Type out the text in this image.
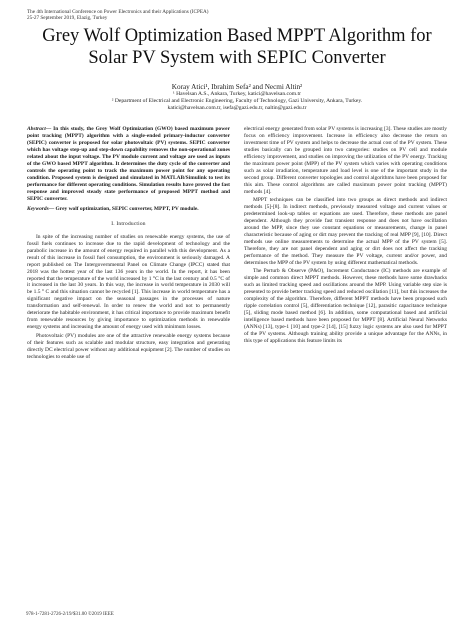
The 4th International Conference on Power Electronics and their Applications (ICPEA)
25-27 September 2019, Elazig, Turkey
Grey Wolf Optimization Based MPPT Algorithm for Solar PV System with SEPIC Converter
Koray Atici¹, Ibrahim Sefa² and Necmi Altin²
¹ Havelsan A.S., Ankara, Turkey, katici@havelsan.com.tr
² Department of Electrical and Electronic Engineering, Faculty of Technology, Gazi University, Ankara, Turkey.
katici@havelsan.com.tr, isefa@gazi.edu.tr, naltin@gazi.edu.tr
Abstract— In this study, the Grey Wolf Optimization (GWO) based maximum power point tracking (MPPT) algorithm with a single-ended primary-inductor converter (SEPIC) converter is proposed for solar photovoltaic (PV) systems. SEPIC converter which has voltage step-up and step-down capability removes the non-operational zones related about the input voltage. The PV module current and voltage are used as inputs of the GWO based MPPT algorithm. It determines the duty cycle of the converter and controls the operating point to track the maximum power point for any operating condition. Proposed system is designed and simulated in MATLAB/Simulink to test its performance for different operating conditions. Simulation results have proved the fast response and improved steady state performance of proposed MPPT method and SEPIC converter.
Keywords— Grey wolf optimization, SEPIC converter, MPPT, PV module.
I. Introduction

In spite of the increasing number of studies on renewable energy systems, the use of fossil fuels continues to increase due to the rapid development of technology and the parabolic increase in the amount of energy required in parallel with this development. As a result of this increase in fossil fuel consumption, the environment is seriously damaged. A report published on The Intergovernmental Panel on Climate Change (IPCC) stated that 2018 was the hottest year of the last 136 years in the world. In the report, it has been reported that the temperature of the world increased by 1 °C in the last century and 0.5 °C of it increased in the last 30 years. In this way, the increase in world temperature in 2030 will be 1.5 ° C and this situation cannot be recycled [1]. This increase in world temperature has a significant negative impact on the seasonal passages in the processes of nature transformation and self-renewal. In order to renew the world and not to permanently deteriorate the habitable environment, it has critical importance to provide maximum benefit from renewable resources by giving importance to optimization methods in renewable energy systems and increasing the amount of energy used with minimum losses.

Photovoltaic (PV) modules are one of the attractive renewable energy systems because of their features such as scalable and modular structure, easy integration and generating directly DC electrical power without any additional equipment [2]. The number of studies on technologies to enable use of

electrical energy generated from solar PV systems is increasing [3]. These studies are mostly focus on efficiency improvement. Increase in efficiency also decrease the return on investment time of PV system and helps to decrease the actual cost of the PV system. These studies basically can be grouped into two categories: studies on PV cell and module efficiency improvement, and studies on improving the utilization of the PV energy. Tracking the maximum power point (MPP) of the PV system which varies with operating conditions such as solar irradiation, temperature and load level is one of the important study in the second group. Different converter topologies and control algorithms have been proposed for this aim. These control algorithms are called maximum power point tracking (MPPT) methods [4].

MPPT techniques can be classified into two groups as direct methods and indirect methods [5]-[8]. In indirect methods, previously measured voltage and current values or predetermined look-up tables or equations are used. Therefore, these methods are panel dependent. Although they provide fast transient response and does not have oscillation around the MPP, since they use constant equations or measurements, change in panel characteristic because of aging or dirt may prevent the tracking of real MPP [9], [10]. Direct methods use online measurements to determine the actual MPP of the PV system [5]. Therefore, they are not panel dependent and aging or dirt does not affect the tracking performance of the method. They measure the PV voltage, current and/or power, and determines the MPP of the PV system by using different mathematical methods.

The Perturb & Observe (P&O), Increment Conductance (IC) methods are example of simple and common direct MPPT methods. However, these methods have some drawbacks such as limited tracking speed and oscillations around the MPP. Using variable step size is presented to provide better tracking speed and reduced oscillation [11], but this increases the complexity of the algorithm. Therefore, different MPPT methods have been proposed such ripple correlation control [5], differentiation technique [12], parasitic capacitance technique [5], sliding mode based method [6]. In addition, some computational based and artificial intelligence based methods have been proposed for MPPT [8]. Artificial Neural Networks (ANNs) [13], type-1 [10] and type-2 [14], [15] fuzzy logic systems are also used for MPPT of the PV systems. Although training ability provide a unique advantage for the ANNs, in this type of applications this feature limits its

978-1-7281-2726-2/19/$31.00 ©2019 IEEE
